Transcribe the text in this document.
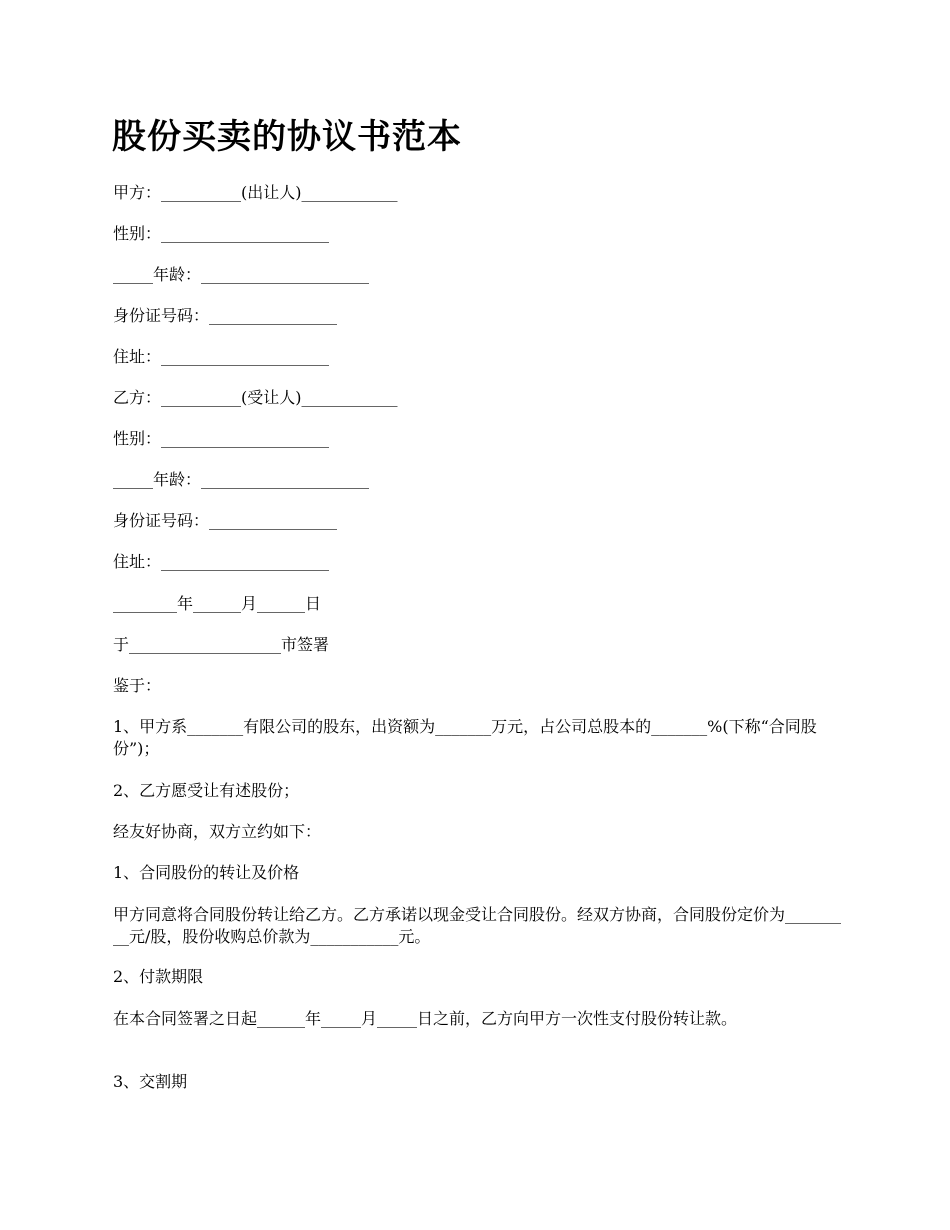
股份买卖的协议书范本

甲方：__________(出让人)____________

性别：_____________________

_____年龄：_____________________

身份证号码：________________

住址：_____________________

乙方：__________(受让人)____________

性别：_____________________

_____年龄：_____________________

身份证号码：________________

住址：_____________________

________年______月______日

于___________________市签署

鉴于：

1、甲方系_______有限公司的股东，出资额为_______万元，占公司总股本的_______%(下称“合同股份”)；

2、乙方愿受让有述股份；

经友好协商，双方立约如下：

1、合同股份的转让及价格

甲方同意将合同股份转让给乙方。乙方承诺以现金受让合同股份。经双方协商，合同股份定价为_________元/股，股份收购总价款为___________元。

2、付款期限

在本合同签署之日起______年_____月_____日之前，乙方向甲方一次性支付股份转让款。

3、交割期
